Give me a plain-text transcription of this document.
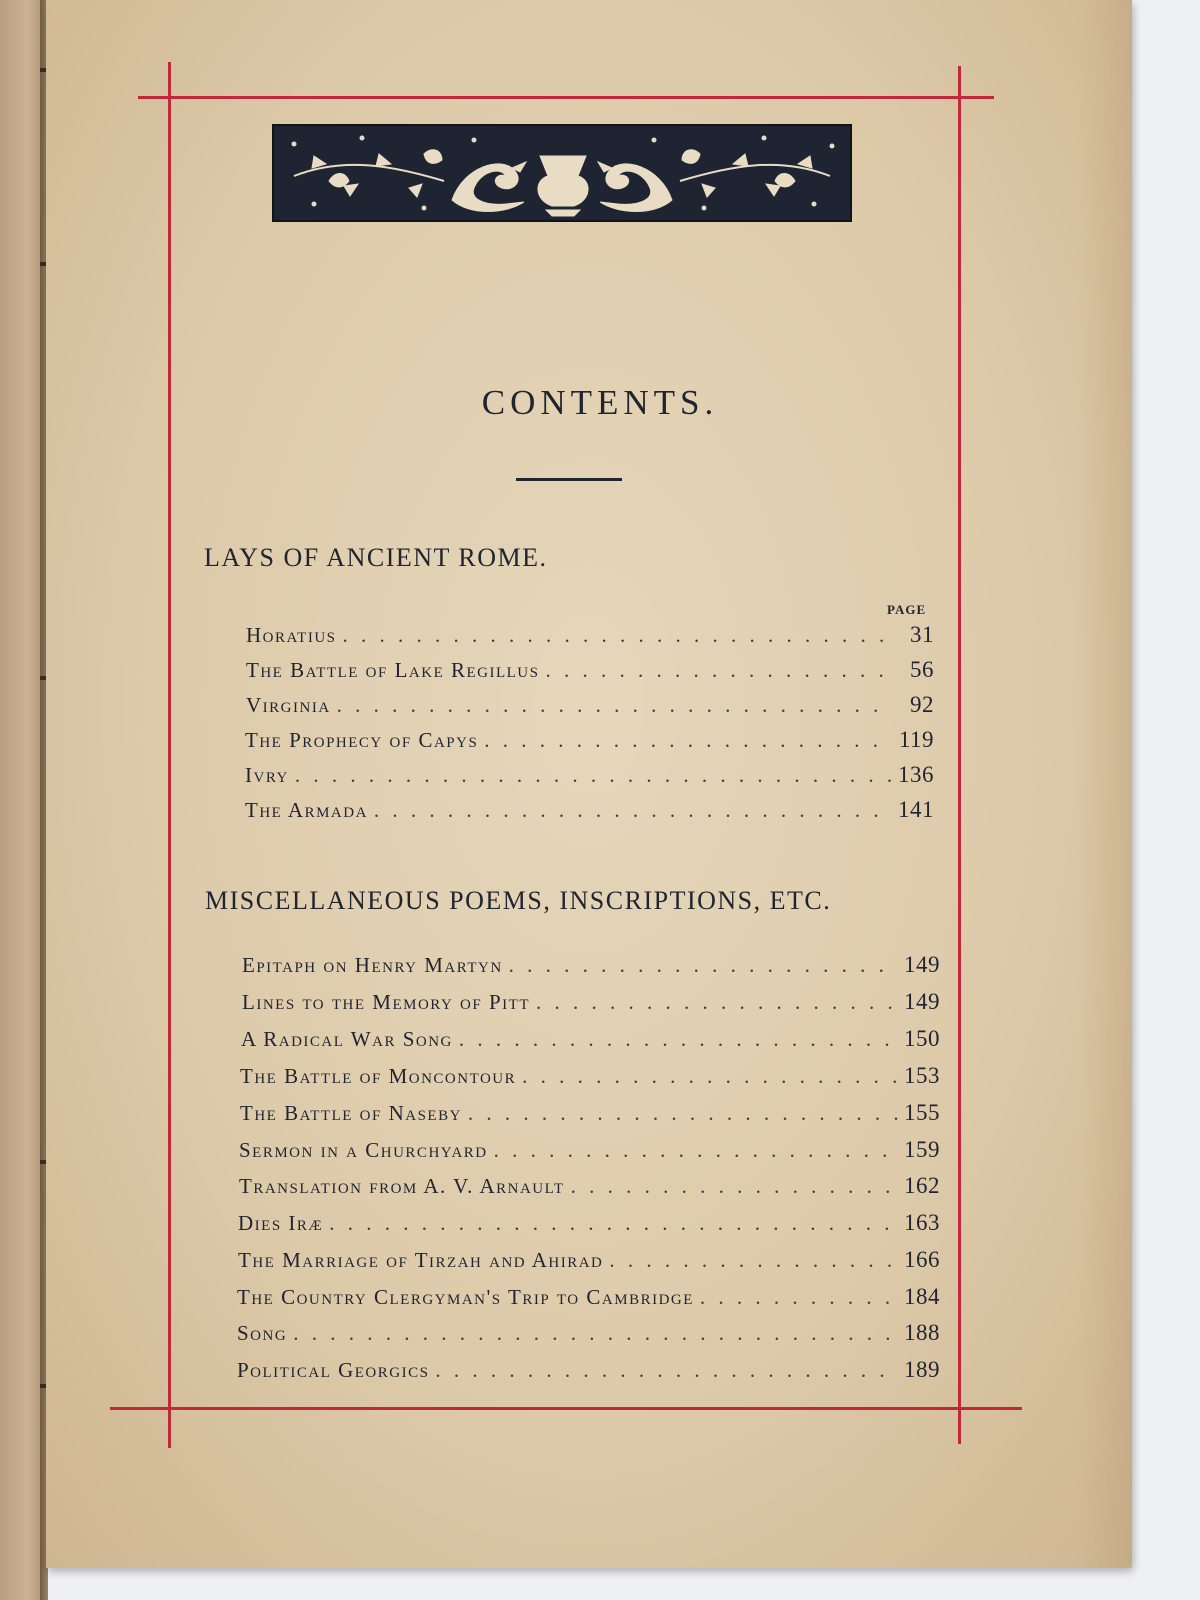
CONTENTS.
LAYS OF ANCIENT ROME.
PAGE
Horatius . . .	31
The Battle of Lake Regillus . . .	56
Virginia . . .	92
The Prophecy of Capys . . .	119
Ivry . . .	136
The Armada . . .	141
MISCELLANEOUS POEMS, INSCRIPTIONS, ETC.
Epitaph on Henry Martyn . . .	149
Lines to the Memory of Pitt . . .	149
A Radical War Song . . .	150
The Battle of Moncontour . . .	153
The Battle of Naseby . . .	155
Sermon in a Churchyard . . .	159
Translation from A. V. Arnault . . .	162
Dies Iræ . . .	163
The Marriage of Tirzah and Ahirad . . .	166
The Country Clergyman's Trip to Cambridge . . .	184
Song . . .	188
Political Georgics . . .	189
